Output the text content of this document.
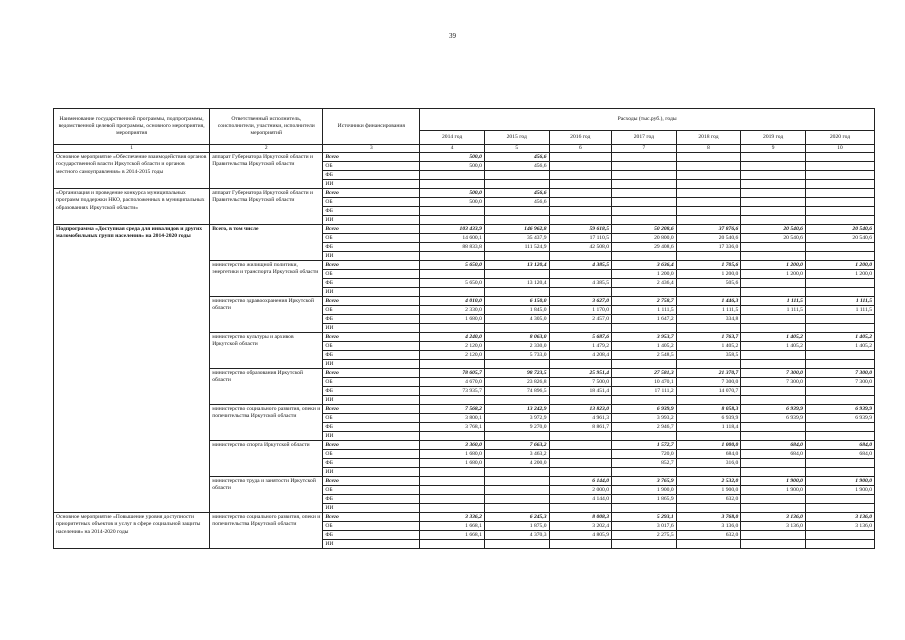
39
Наименование государственной программы, подпрограммы, ведомственной целевой программы, основного мероприятия, мероприятия	Ответственный исполнитель, соисполнители, участники, исполнители мероприятий	Источники финансирования	Расходы (тыс.руб.), годы						
			2014 год	2015 год	2016 год	2017 год	2018 год	2019 год	2020 год
1	2	3	4	5	6	7	8	9	10
Основное мероприятие «Обеспечение взаимодействия органов государственной власти Иркутской области и органов местного самоуправления» в 2014-2015 годы	аппарат Губернатора Иркутской области и Правительства Иркутской области	Всего	500,0	456,6					
		ОБ	500,0	456,6					
		ФБ							
		ИИ							
«Организация и проведение конкурса муниципальных программ поддержки НКО, расположенных в муниципальных образованиях Иркутской области»	аппарат Губернатора Иркутской области и Правительства Иркутской области	Всего	500,0	456,6					
		ОБ	500,0	456,6					
		ФБ							
		ИИ							
Подпрограмма «Доступная среда для инвалидов и других маломобильных групп населения» на 2014-2020 годы	Всего, в том числе	Всего	103 433,9	146 962,8	59 618,5	50 208,6	37 876,6	20 540,6	20 540,6
		ОБ	14 600,1	35 437,9	17 110,5	20 800,0	20 540,6	20 540,6	20 540,6
		ФБ	88 833,8	111 524,9	42 508,0	29 408,6	17 336,0		
		ИИ							
	министерство жилищной политики, энергетики и транспорта Иркутской области	Всего	5 650,0	13 120,4	4 385,5	3 636,4	1 705,6	1 200,0	1 200,0
		ОБ				1 200,0	1 200,0	1 200,0	1 200,0
		ФБ	5 650,0	13 120,4	4 385,5	2 436,4	505,6		
		ИИ							
	министерство здравоохранения Иркутской области	Всего	4 010,0	6 150,0	3 627,0	2 758,7	1 446,3	1 111,5	1 111,5
		ОБ	2 330,0	1 845,0	1 170,0	1 111,5	1 111,5	1 111,5	1 111,5
		ФБ	1 680,0	4 305,0	2 457,0	1 647,2	334,8		
		ИИ							
	министерство культуры и архивов Иркутской области	Всего	4 240,0	8 063,0	5 687,6	3 953,7	1 763,7	1 405,2	1 405,2
		ОБ	2 120,0	2 330,0	1 479,2	1 405,2	1 405,2	1 405,2	1 405,2
		ФБ	2 120,0	5 733,0	4 208,4	2 548,5	358,5		
		ИИ							
	министерство образования Иркутской области	Всего	78 605,7	98 723,5	25 951,4	27 581,3	21 370,7	7 300,0	7 300,0
		ОБ	4 670,0	23 826,8	7 500,0	10 470,1	7 300,0	7 300,0	7 300,0
		ФБ	73 935,7	74 896,5	18 451,4	17 111,2	14 070,7		
		ИИ							
	министерство социального развития, опеки и попечительства Иркутской области	Всего	7 568,2	13 242,9	13 823,0	6 939,9	8 058,3	6 939,9	6 939,9
		ОБ	3 800,1	3 972,9	4 961,3	3 993,2	6 939,9	6 939,9	6 939,9
		ФБ	3 768,1	9 270,0	8 861,7	2 946,7	1 118,4		
		ИИ							
	министерство спорта Иркутской области	Всего	3 360,0	7 663,2		1 572,7	1 000,0	684,0	684,0
		ОБ	1 680,0	3 463,2		720,0	684,0	684,0	684,0
		ФБ	1 680,0	4 200,0		852,7	316,0		
		ИИ							
	министерство труда и занятости Иркутской области	Всего			6 144,0	3 765,9	2 532,0	1 900,0	1 900,0
		ОБ			2 000,0	1 900,0	1 900,0	1 900,0	1 900,0
		ФБ			4 144,0	1 865,9	632,0		
		ИИ							
Основное мероприятие «Повышение уровня доступности приоритетных объектов и услуг в сфере социальной защиты населения» на 2014-2020 годы	министерство социального развития, опеки и попечительства Иркутской области	Всего	3 336,2	6 245,3	8 008,3	5 293,1	3 768,0	3 136,0	3 136,0
		ОБ	1 668,1	1 875,0	3 202,4	3 017,6	3 136,0	3 136,0	3 136,0
		ФБ	1 668,1	4 370,3	4 805,9	2 275,5	632,0		
		ИИ							
